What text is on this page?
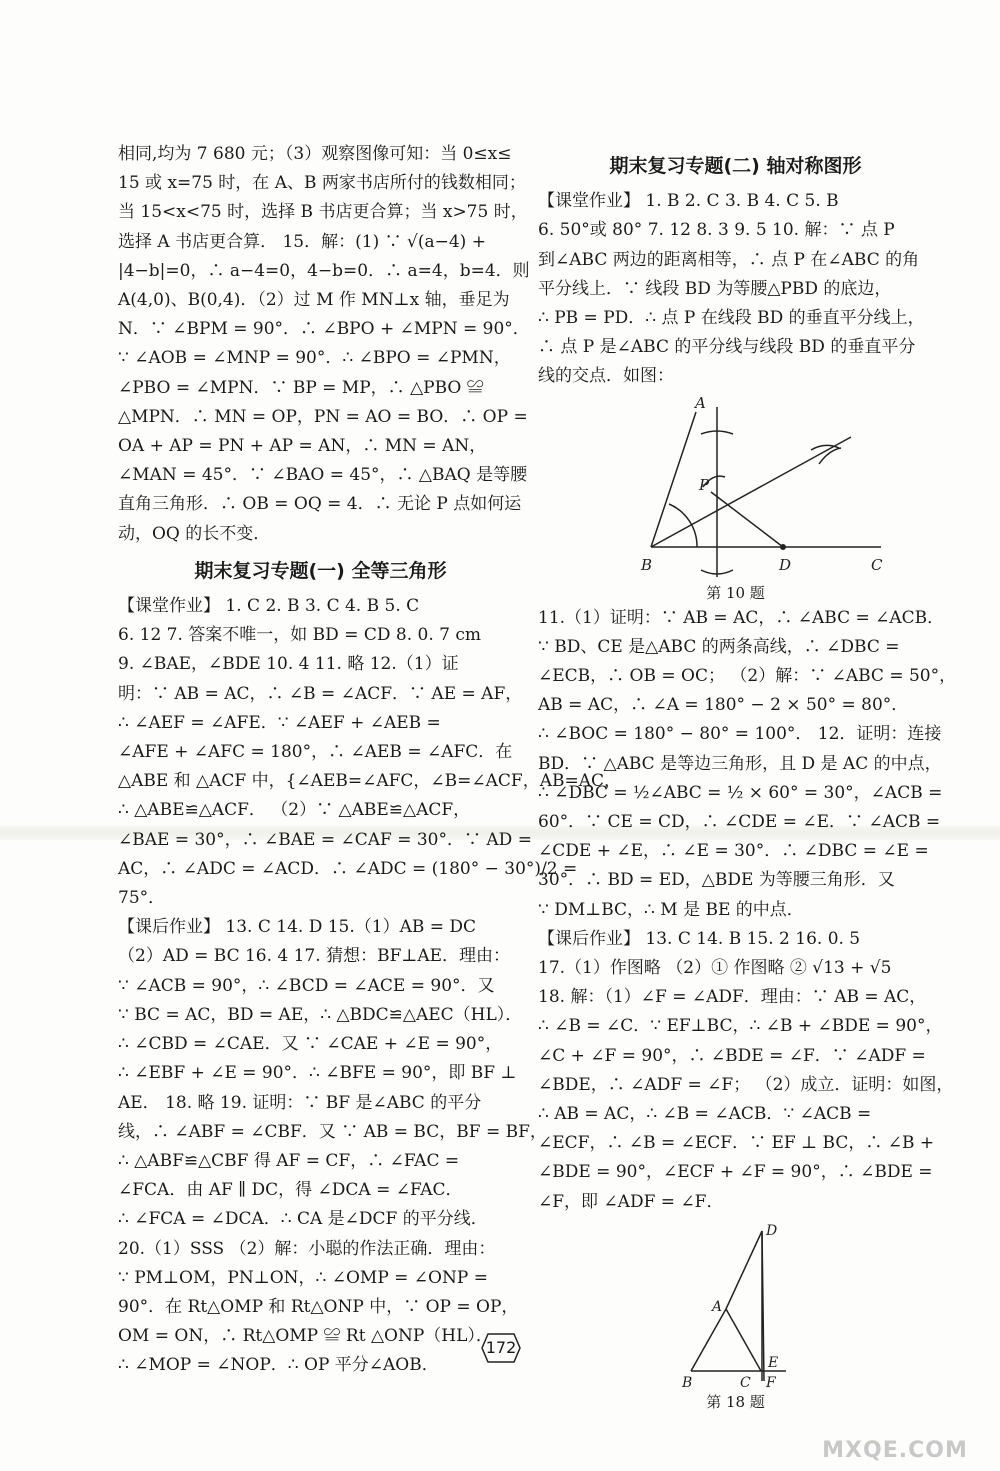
相同,均为 7 680 元；（3）观察图像可知：当 0≤x≤
15 或 x=75 时，在 A、B 两家书店所付的钱数相同；
当 15<x<75 时，选择 B 书店更合算；当 x>75 时，
选择 A 书店更合算． 15．解：(1) ∵ √(a−4) +
|4−b|=0，∴ a−4=0，4−b=0．∴ a=4，b=4．则
A(4,0)、B(0,4)．（2）过 M 作 MN⊥x 轴，垂足为
N．∵ ∠BPM = 90°．∴ ∠BPO + ∠MPN = 90°．
∵ ∠AOB = ∠MNP = 90°．∴ ∠BPO = ∠PMN，
∠PBO = ∠MPN．∵ BP = MP，∴ △PBO ≌
△MPN．∴ MN = OP，PN = AO = BO．∴ OP =
OA + AP = PN + AP = AN，∴ MN = AN，
∠MAN = 45°．∵ ∠BAO = 45°，∴ △BAQ 是等腰
直角三角形．∴ OB = OQ = 4．∴ 无论 P 点如何运
动，OQ 的长不变．
期末复习专题(一) 全等三角形
【课堂作业】 1. C 2. B 3. C 4. B 5. C
6. 12 7. 答案不唯一，如 BD = CD 8. 0. 7 cm
9. ∠BAE，∠BDE 10. 4 11. 略 12.（1）证
明：∵ AB = AC，∴ ∠B = ∠ACF．∵ AE = AF，
∴ ∠AEF = ∠AFE．∵ ∠AEF + ∠AEB =
∠AFE + ∠AFC = 180°，∴ ∠AEB = ∠AFC．在
△ABE 和 △ACF 中，{∠AEB=∠AFC，∠B=∠ACF，AB=AC，
∴ △ABE≌△ACF． （2）∵ △ABE≌△ACF，
∠BAE = 30°，∴ ∠BAE = ∠CAF = 30°．∵ AD =
AC，∴ ∠ADC = ∠ACD．∴ ∠ADC = (180° − 30°)/2 =
75°．
【课后作业】 13. C 14. D 15.（1）AB = DC
（2）AD = BC 16. 4 17. 猜想：BF⊥AE．理由：
∵ ∠ACB = 90°，∴ ∠BCD = ∠ACE = 90°．又
∵ BC = AC，BD = AE，∴ △BDC≌△AEC（HL）．
∴ ∠CBD = ∠CAE．又 ∵ ∠CAE + ∠E = 90°，
∴ ∠EBF + ∠E = 90°．∴ ∠BFE = 90°，即 BF ⊥
AE． 18. 略 19. 证明：∵ BF 是∠ABC 的平分
线，∴ ∠ABF = ∠CBF．又 ∵ AB = BC，BF = BF，
∴ △ABF≌△CBF 得 AF = CF，∴ ∠FAC =
∠FCA．由 AF ∥ DC，得 ∠DCA = ∠FAC．
∴ ∠FCA = ∠DCA．∴ CA 是∠DCF 的平分线．
20.（1）SSS （2）解：小聪的作法正确．理由：
∵ PM⊥OM，PN⊥ON，∴ ∠OMP = ∠ONP =
90°．在 Rt△OMP 和 Rt△ONP 中，∵ OP = OP，
OM = ON，∴ Rt△OMP ≌ Rt △ONP（HL）．
∴ ∠MOP = ∠NOP．∴ OP 平分∠AOB．
期末复习专题(二) 轴对称图形
【课堂作业】 1. B 2. C 3. B 4. C 5. B
6. 50°或 80° 7. 12 8. 3 9. 5 10. 解：∵ 点 P
到∠ABC 两边的距离相等，∴ 点 P 在∠ABC 的角
平分线上．∵ 线段 BD 为等腰△PBD 的底边，
∴ PB = PD．∴ 点 P 在线段 BD 的垂直平分线上，
∴ 点 P 是∠ABC 的平分线与线段 BD 的垂直平分
线的交点．如图：
A
B	C
D
P
第 10 题
11.（1）证明：∵ AB = AC，∴ ∠ABC = ∠ACB．
∵ BD、CE 是△ABC 的两条高线，∴ ∠DBC =
∠ECB，∴ OB = OC； （2）解：∵ ∠ABC = 50°，
AB = AC，∴ ∠A = 180° − 2 × 50° = 80°．
∴ ∠BOC = 180° − 80° = 100°． 12．证明：连接
BD．∵ △ABC 是等边三角形，且 D 是 AC 的中点，
∴ ∠DBC = ½∠ABC = ½ × 60° = 30°，∠ACB =
60°．∵ CE = CD，∴ ∠CDE = ∠E．∵ ∠ACB =
∠CDE + ∠E，∴ ∠E = 30°．∴ ∠DBC = ∠E =
30°．∴ BD = ED，△BDE 为等腰三角形．又
∵ DM⊥BC，∴ M 是 BE 的中点．
【课后作业】 13. C 14. B 15. 2 16. 0. 5
17.（1）作图略 （2）① 作图略 ② √13 + √5
18. 解：（1）∠F = ∠ADF．理由：∵ AB = AC，
∴ ∠B = ∠C．∵ EF⊥BC，∴ ∠B + ∠BDE = 90°，
∠C + ∠F = 90°，∴ ∠BDE = ∠F．∵ ∠ADF =
∠BDE，∴ ∠ADF = ∠F； （2）成立．证明：如图，
∴ AB = AC，∴ ∠B = ∠ACB．∵ ∠ACB =
∠ECF，∴ ∠B = ∠ECF．∵ EF ⊥ BC，∴ ∠B +
∠BDE = 90°，∠ECF + ∠F = 90°，∴ ∠BDE =
∠F，即 ∠ADF = ∠F．
D
A
B	C
E
F
第 18 题
172
MXQE.COM
